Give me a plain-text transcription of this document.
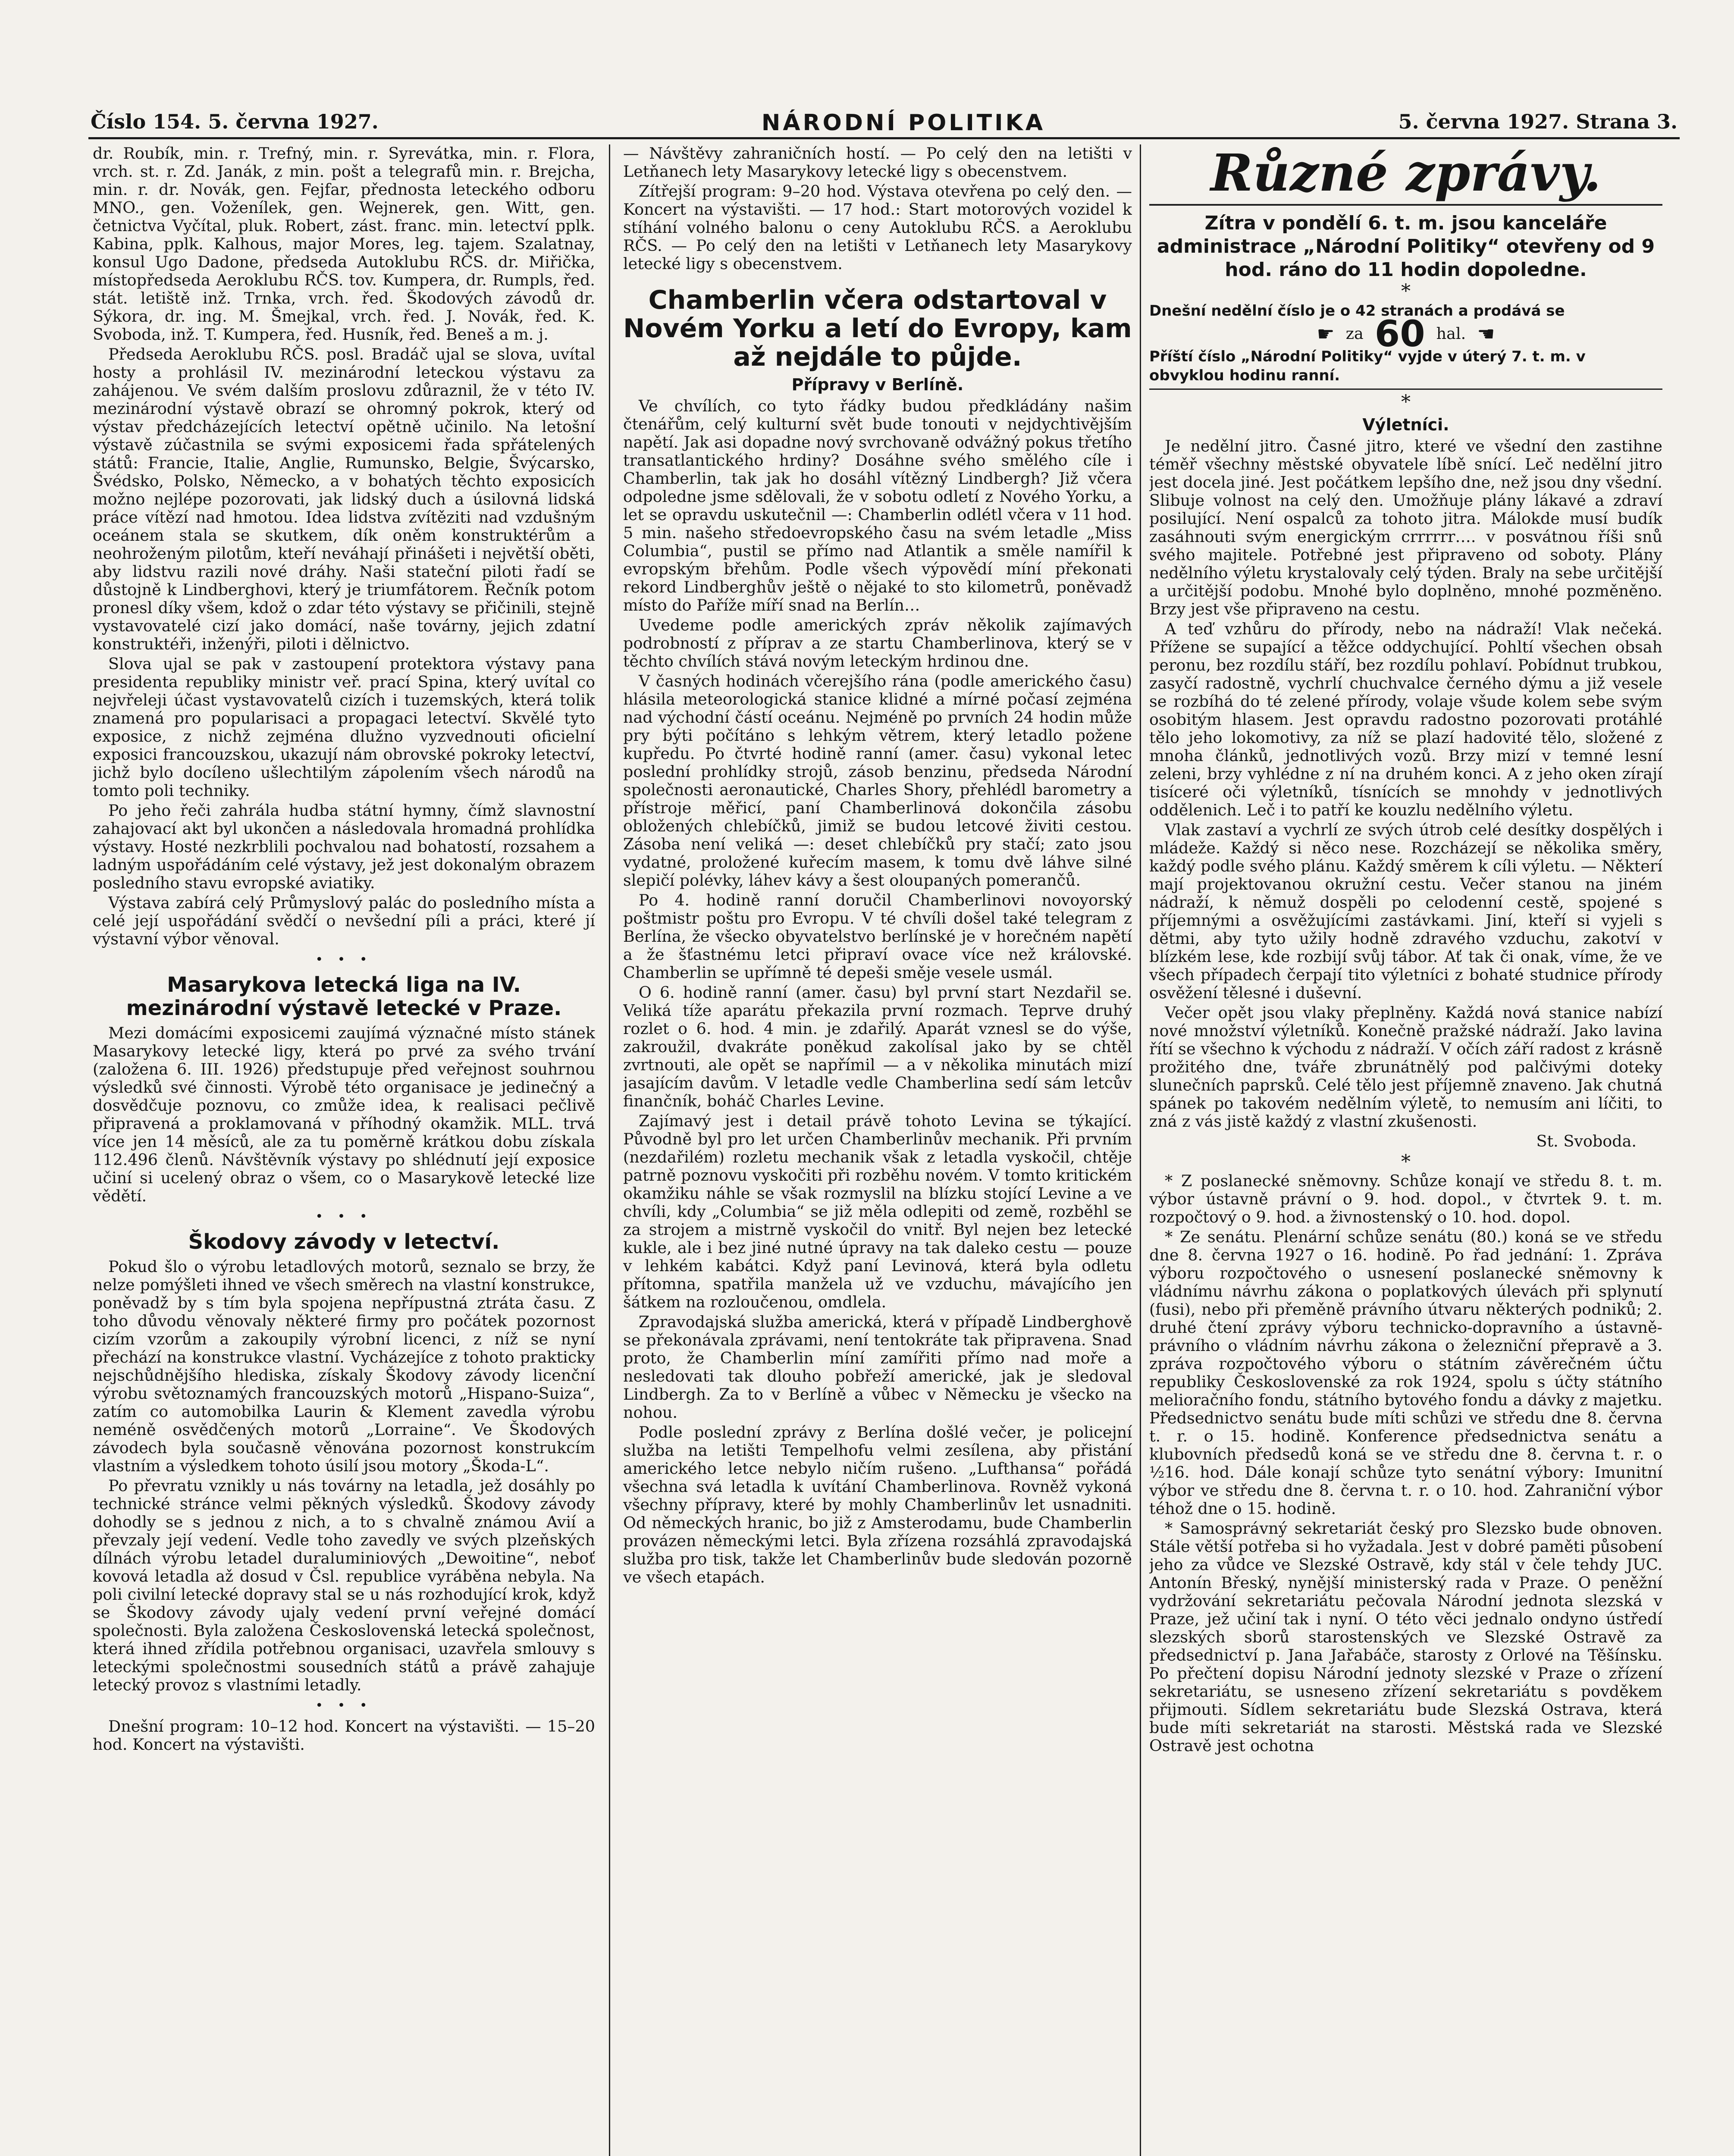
Číslo 154. 5. června 1927.	NÁRODNÍ POLITIKA	5. června 1927. Strana 3.

dr. Roubík, min. r. Trefný, min. r. Syrevátka, min. r. Flora, vrch. st. r. Zd. Janák, z min. pošt a telegrafů min. r. Brejcha, min. r. dr. Novák, gen. Fejfar, přednosta leteckého odboru MNO., gen. Voženílek, gen. Wejnerek, gen. Witt, gen. četnictva Vyčítal, pluk. Robert, zást. franc. min. letectví pplk. Kabina, pplk. Kalhous, major Mores, leg. tajem. Szalatnay, konsul Ugo Dadone, předseda Autoklubu RČS. dr. Miřička, místopředseda Aeroklubu RČS. tov. Kumpera, dr. Rumpls, řed. stát. letiště inž. Trnka, vrch. řed. Škodových závodů dr. Sýkora, dr. ing. M. Šmejkal, vrch. řed. J. Novák, řed. K. Svoboda, inž. T. Kumpera, řed. Husník, řed. Beneš a m. j.

Předseda Aeroklubu RČS. posl. Bradáč ujal se slova, uvítal hosty a prohlásil IV. mezinárodní leteckou výstavu za zahájenou. Ve svém dalším proslovu zdůraznil, že v této IV. mezinárodní výstavě obrazí se ohromný pokrok, který od výstav předcházejících letectví opětně učinilo. Na letošní výstavě zúčastnila se svými exposicemi řada spřátelených států: Francie, Italie, Anglie, Rumunsko, Belgie, Švýcarsko, Švédsko, Polsko, Německo, a v bohatých těchto exposicích možno nejlépe pozorovati, jak lidský duch a úsilovná lidská práce vítězí nad hmotou. Idea lidstva zvítěziti nad vzdušným oceánem stala se skutkem, dík oněm konstruktérům a neohroženým pilotům, kteří neváhají přinášeti i největší oběti, aby lidstvu razili nové dráhy. Naši stateční piloti řadí se důstojně k Lindberghovi, který je triumfátorem. Řečník potom pronesl díky všem, kdož o zdar této výstavy se přičinili, stejně vystavovatelé cizí jako domácí, naše továrny, jejich zdatní konstruktéři, inženýři, piloti i dělnictvo.

Slova ujal se pak v zastoupení protektora výstavy pana presidenta republiky ministr veř. prací Spina, který uvítal co nejvřeleji účast vystavovatelů cizích i tuzemských, která tolik znamená pro popularisaci a propagaci letectví. Skvělé tyto exposice, z nichž zejména dlužno vyzvednouti oficielní exposici francouzskou, ukazují nám obrovské pokroky letectví, jichž bylo docíleno ušlechtilým zápolením všech národů na tomto poli techniky.

Po jeho řeči zahrála hudba státní hymny, čímž slavnostní zahajovací akt byl ukončen a následovala hromadná prohlídka výstavy. Hosté nezkrblili pochvalou nad bohatostí, rozsahem a ladným uspořádáním celé výstavy, jež jest dokonalým obrazem posledního stavu evropské aviatiky.

Výstava zabírá celý Průmyslový palác do posledního místa a celé její uspořádání svědčí o nevšední píli a práci, které jí výstavní výbor věnoval.

• • •
Masarykova letecká liga na IV. mezinárodní výstavě letecké v Praze.

Mezi domácími exposicemi zaujímá význačné místo stánek Masarykovy letecké ligy, která po prvé za svého trvání (založena 6. III. 1926) předstupuje před veřejnost souhrnou výsledků své činnosti. Výrobě této organisace je jedinečný a dosvědčuje poznovu, co zmůže idea, k realisaci pečlivě připravená a proklamovaná v příhodný okamžik. MLL. trvá více jen 14 měsíců, ale za tu poměrně krátkou dobu získala 112.496 členů. Návštěvník výstavy po shlédnutí její exposice učiní si ucelený obraz o všem, co o Masarykově letecké lize vědětí.

• • •
Škodovy závody v letectví.

Pokud šlo o výrobu letadlových motorů, seznalo se brzy, že nelze pomýšleti ihned ve všech směrech na vlastní konstrukce, poněvadž by s tím byla spojena nepřípustná ztráta času. Z toho důvodu věnovaly některé firmy pro počátek pozornost cizím vzorům a zakoupily výrobní licenci, z níž se nyní přechází na konstrukce vlastní. Vycházejíce z tohoto prakticky nejschůdnějšího hlediska, získaly Škodovy závody licenční výrobu světoznamých francouzských motorů „Hispano-Suiza“, zatím co automobilka Laurin & Klement zavedla výrobu neméně osvědčených motorů „Lorraine“. Ve Škodových závodech byla současně věnována pozornost konstrukcím vlastním a výsledkem tohoto úsilí jsou motory „Škoda-L“.

Po převratu vznikly u nás továrny na letadla, jež dosáhly po technické stránce velmi pěkných výsledků. Škodovy závody dohodly se s jednou z nich, a to s chvalně známou Avií a převzaly její vedení. Vedle toho zavedly ve svých plzeňských dílnách výrobu letadel duraluminiových „Dewoitine“, neboť kovová letadla až dosud v Čsl. republice vyráběna nebyla. Na poli civilní letecké dopravy stal se u nás rozhodující krok, když se Škodovy závody ujaly vedení první veřejné domácí společnosti. Byla založena Československá letecká společnost, která ihned zřídila potřebnou organisaci, uzavřela smlouvy s leteckými společnostmi sousedních států a právě zahajuje letecký provoz s vlastními letadly.

• • •

Dnešní program: 10–12 hod. Koncert na výstavišti. — 15–20 hod. Koncert na výstavišti.

— Návštěvy zahraničních hostí. — Po celý den na letišti v Letňanech lety Masarykovy letecké ligy s obecenstvem.

Zítřejší program: 9–20 hod. Výstava otevřena po celý den. — Koncert na výstavišti. — 17 hod.: Start motorových vozidel k stíhání volného balonu o ceny Autoklubu RČS. a Aeroklubu RČS. — Po celý den na letišti v Letňanech lety Masarykovy letecké ligy s obecenstvem.

Chamberlin včera odstartoval v Novém Yorku a letí do Evropy, kam až nejdále to půjde.
Přípravy v Berlíně.

Ve chvílích, co tyto řádky budou předkládány našim čtenářům, celý kulturní svět bude tonouti v nejdychtivějším napětí. Jak asi dopadne nový svrchovaně odvážný pokus třetího transatlantického hrdiny? Dosáhne svého smělého cíle i Chamberlin, tak jak ho dosáhl vítězný Lindbergh? Již včera odpoledne jsme sdělovali, že v sobotu odletí z Nového Yorku, a let se opravdu uskutečnil —: Chamberlin odlétl včera v 11 hod. 5 min. našeho středoevropského času na svém letadle „Miss Columbia“, pustil se přímo nad Atlantik a směle namířil k evropským břehům. Podle všech výpovědí míní překonati rekord Lindberghův ještě o nějaké to sto kilometrů, poněvadž místo do Paříže míří snad na Berlín…

Uvedeme podle amerických zpráv několik zajímavých podrobností z příprav a ze startu Chamberlinova, který se v těchto chvílích stává novým leteckým hrdinou dne.

V časných hodinách včerejšího rána (podle amerického času) hlásila meteorologická stanice klidné a mírné počasí zejména nad východní částí oceánu. Nejméně po prvních 24 hodin může pry býti počítáno s lehkým větrem, který letadlo požene kupředu. Po čtvrté hodině ranní (amer. času) vykonal letec poslední prohlídky strojů, zásob benzinu, předseda Národní společnosti aeronautické, Charles Shory, přehlédl barometry a přístroje měřicí, paní Chamberlinová dokončila zásobu obložených chlebíčků, jimiž se budou letcové živiti cestou. Zásoba není veliká —: deset chlebíčků pry stačí; zato jsou vydatné, proložené kuřecím masem, k tomu dvě láhve silné slepičí polévky, láhev kávy a šest oloupaných pomerančů.

Po 4. hodině ranní doručil Chamberlinovi novoyorský poštmistr poštu pro Evropu. V té chvíli došel také telegram z Berlína, že všecko obyvatelstvo berlínské je v horečném napětí a že šťastnému letci připraví ovace více než královské. Chamberlin se upřímně té depeši smějе vesele usmál.

O 6. hodině ranní (amer. času) byl první start Nezdařil se. Veliká tíže aparátu překazila první rozmach. Teprve druhý rozlet o 6. hod. 4 min. je zdařilý. Aparát vznesl se do výše, zakroužil, dvakráte poněkud zakolísal jako by se chtěl zvrtnouti, ale opět se napřímil — a v několika minutách mizí jasajícím davům. V letadle vedle Chamberlina sedí sám letcův finančník, boháč Charles Levine.

Zajímavý jest i detail právě tohoto Levina se týkající. Původně byl pro let určen Chamberlinův mechanik. Při prvním (nezdařilém) rozletu mechanik však z letadla vyskočil, chtěje patrně poznovu vyskočiti při rozběhu novém. V tomto kritickém okamžiku náhle se však rozmyslil na blízku stojící Levine a ve chvíli, kdy „Columbia“ se již měla odlepiti od země, rozběhl se za strojem a mistrně vyskočil do vnitř. Byl nejen bez letecké kukle, ale i bez jiné nutné úpravy na tak daleko cestu — pouze v lehkém kabátci. Když paní Levinová, která byla odletu přítomna, spatřila manžela už ve vzduchu, mávajícího jen šátkem na rozloučenou, omdlela.

Zpravodajská služba americká, která v případě Lindberghově se překonávala zprávami, není tentokráte tak připravena. Snad proto, že Chamberlin míní zamířiti přímo nad moře a nesledovati tak dlouho pobřeží americké, jak je sledoval Lindbergh. Za to v Berlíně a vůbec v Německu je všecko na nohou.

Podle poslední zprávy z Berlína došlé večer, je policejní služba na letišti Tempelhofu velmi zesílena, aby přistání amerického letce nebylo ničím rušeno. „Lufthansa“ pořádá všechna svá letadla k uvítání Chamberlinova. Rovněž vykoná všechny přípravy, které by mohly Chamberlinův let usnadniti. Od německých hranic, bo již z Amsterodamu, bude Chamberlin provázen německými letci. Byla zřízena rozsáhlá zpravodajská služba pro tisk, takže let Chamberlinův bude sledován pozorně ve všech etapách.

Různé zprávy.
Zítra v pondělí 6. t. m. jsou kanceláře administrace „Národní Politiky“ otevřeny od 9 hod. ráno do 11 hodin dopoledne.
*
Dnešní nedělní číslo je o 42 stranách a prodává se
☛ za 60 hal. ☚
Příští číslo „Národní Politiky“ vyjde v úterý 7. t. m. v obvyklou hodinu ranní.
*
Výletníci.

Je nedělní jitro. Časné jitro, které ve všední den zastihne téměř všechny městské obyvatele líbě snící. Leč nedělní jitro jest docela jiné. Jest počátkem lepšího dne, než jsou dny všední. Slibuje volnost na celý den. Umožňuje plány lákavé a zdraví posilující. Není ospalců za tohoto jitra. Málokde musí budík zasáhnouti svým energickým crrrrrr…. v posvátnou říši snů svého majitele. Potřebné jest připraveno od soboty. Plány nedělního výletu krystalovaly celý týden. Braly na sebe určitější a určitější podobu. Mnohé bylo doplněno, mnohé pozměněno. Brzy jest vše připraveno na cestu.

A teď vzhůru do přírody, nebo na nádraží! Vlak nečeká. Přížene se supající a těžce oddychující. Pohltí všechen obsah peronu, bez rozdílu stáří, bez rozdílu pohlaví. Pobídnut trubkou, zasyčí radostně, vychrlí chuchvalce černého dýmu a již vesele se rozbíhá do té zelené přírody, volaje všude kolem sebe svým osobitým hlasem. Jest opravdu radostno pozorovati protáhlé tělo jeho lokomotivy, za níž se plazí hadovité tělo, složené z mnoha článků, jednotlivých vozů. Brzy mizí v temné lesní zeleni, brzy vyhlédne z ní na druhém konci. A z jeho oken zírají tisíceré oči výletníků, tísnících se mnohdy v jednotlivých oddělenich. Leč i to patří ke kouzlu nedělního výletu.

Vlak zastaví a vychrlí ze svých útrob celé desítky dospělých i mládeže. Každý si něco nese. Rozcházejí se několika směry, každý podle svého plánu. Každý směrem k cíli výletu. — Některí mají projektovanou okružní cestu. Večer stanou na jiném nádraží, k němuž dospěli po celodenní cestě, spojené s příjemnými a osvěžujícími zastávkami. Jiní, kteří si vyjeli s dětmi, aby tyto užily hodně zdravého vzduchu, zakotví v blízkém lese, kde rozbijí svůj tábor. Ať tak či onak, víme, že ve všech případech čerpají tito výletníci z bohaté studnice přírody osvěžení tělesné i duševní.

Večer opět jsou vlaky přeplněny. Každá nová stanice nabízí nové množství výletníků. Konečně pražské nádraží. Jako lavina řítí se všechno k východu z nádraží. V očích září radost z krásně prožitého dne, tváře zbrunátnělý pod palčivými doteky slunečních paprsků. Celé tělo jest příjemně znaveno. Jak chutná spánek po takovém nedělním výletě, to nemusím ani líčiti, to zná z vás jistě každý z vlastní zkušenosti.

St. Svoboda.

*

* Z poslanecké sněmovny. Schůze konají ve středu 8. t. m. výbor ústavně právní o 9. hod. dopol., v čtvrtek 9. t. m. rozpočtový o 9. hod. a živnostenský o 10. hod. dopol.

* Ze senátu. Plenární schůze senátu (80.) koná se ve středu dne 8. června 1927 o 16. hodině. Po řad jednání: 1. Zpráva výboru rozpočtového o usnesení poslanecké sněmovny k vládnímu návrhu zákona o poplatkových úlevách při splynutí (fusi), nebo při přeměně právního útvaru některých podniků; 2. druhé čtení zprávy výboru technicko-dopravního a ústavně-právního o vládním návrhu zákona o železniční přepravě a 3. zpráva rozpočtového výboru o státním závěrečném účtu republiky Československé za rok 1924, spolu s účty státního melioračního fondu, státního bytového fondu a dávky z majetku. Předsednictvo senátu bude míti schůzi ve středu dne 8. června t. r. o 15. hodině. Konference předsednictva senátu a klubovních předsedů koná se ve středu dne 8. června t. r. o ½16. hod. Dále konají schůze tyto senátní výbory: Imunitní výbor ve středu dne 8. června t. r. o 10. hod. Zahraniční výbor téhož dne o 15. hodině.

* Samosprávný sekretariát český pro Slezsko bude obnoven. Stále větší potřeba si ho vyžadala. Jest v dobré paměti působení jeho za vůdce ve Slezské Ostravě, kdy stál v čele tehdy JUC. Antonín Břeský, nynější ministerský rada v Praze. O peněžní vydržování sekretariátu pečovala Národní jednota slezská v Praze, jež učiní tak i nyní. O této věci jednalo ondyno ústředí slezských sborů starostenských ve Slezské Ostravě za předsednictví p. Jana Jařabáče, starosty z Orlové na Těšínsku. Po přečtení dopisu Národní jednoty slezské v Praze o zřízení sekretariátu, se usneseno zřízení sekretariátu s povděkem přijmouti. Sídlem sekretariátu bude Slezská Ostrava, která bude míti sekretariát na starosti. Městská rada ve Slezské Ostravě jest ochotna
